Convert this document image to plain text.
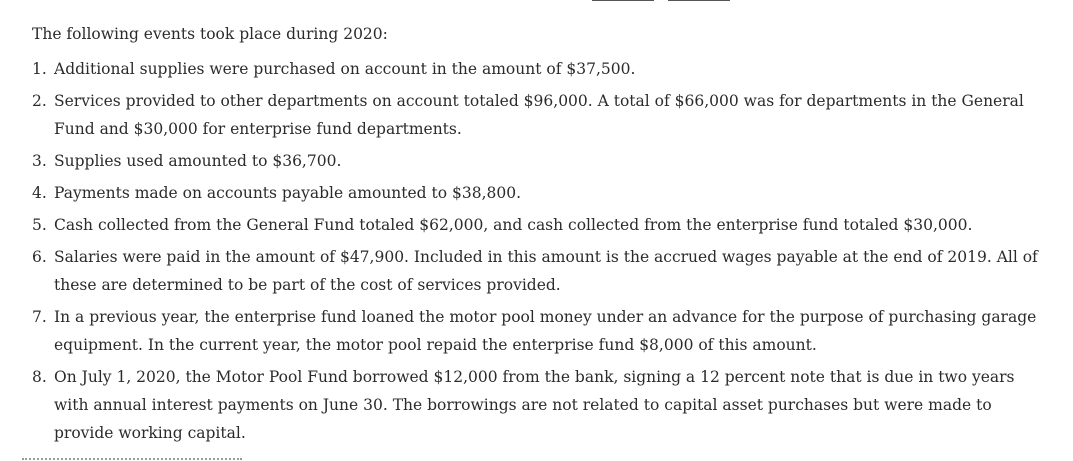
The following events took place during 2020:
1. Additional supplies were purchased on account in the amount of $37,500.
2. Services provided to other departments on account totaled $96,000. A total of $66,000 was for departments in the General Fund and $30,000 for enterprise fund departments.
3. Supplies used amounted to $36,700.
4. Payments made on accounts payable amounted to $38,800.
5. Cash collected from the General Fund totaled $62,000, and cash collected from the enterprise fund totaled $30,000.
6. Salaries were paid in the amount of $47,900. Included in this amount is the accrued wages payable at the end of 2019. All of these are determined to be part of the cost of services provided.
7. In a previous year, the enterprise fund loaned the motor pool money under an advance for the purpose of purchasing garage equipment. In the current year, the motor pool repaid the enterprise fund $8,000 of this amount.
8. On July 1, 2020, the Motor Pool Fund borrowed $12,000 from the bank, signing a 12 percent note that is due in two years with annual interest payments on June 30. The borrowings are not related to capital asset purchases but were made to provide working capital.
